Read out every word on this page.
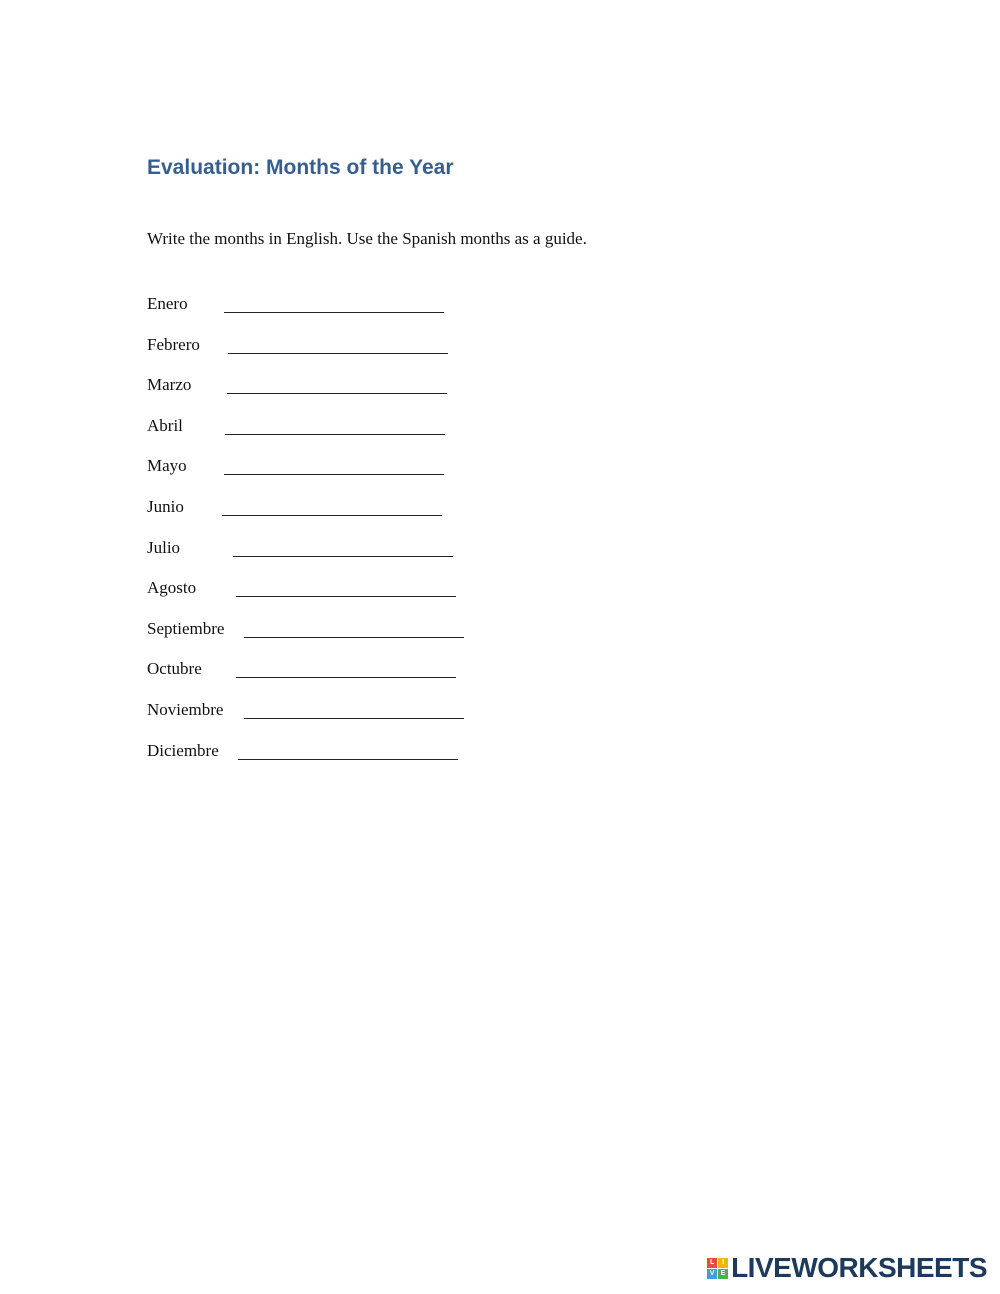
Evaluation: Months of the Year
Write the months in English. Use the Spanish months as a guide.
Enero
Febrero
Marzo
Abril
Mayo
Junio
Julio
Agosto
Septiembre
Octubre
Noviembre
Diciembre
L	I
V E LIVEWORKSHEETS
